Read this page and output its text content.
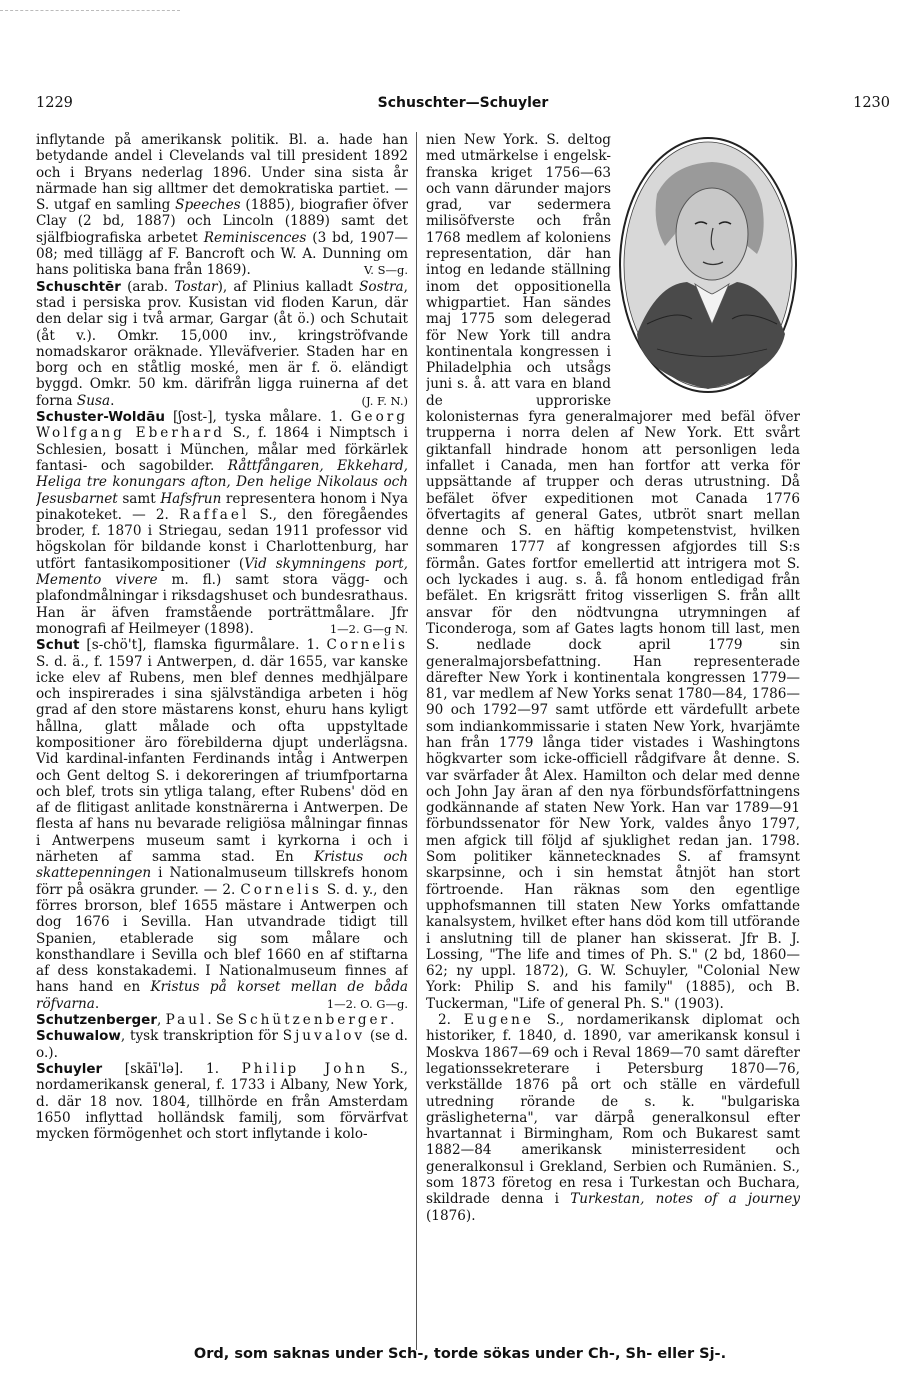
1229	Schuschter—Schuyler	1230

inflytande på amerikansk politik. Bl. a. hade han betydande andel i Clevelands val till president 1892 och i Bryans nederlag 1896. Under sina sista år närmade han sig alltmer det demokratiska partiet. — S. utgaf en samling Speeches (1885), biografier öfver Clay (2 bd, 1887) och Lincoln (1889) samt det själfbiografiska arbetet Reminiscences (3 bd, 1907—08; med tillägg af F. Bancroft och W. A. Dunning om hans politiska bana från 1869).	V. S—g.

Schuschtēr (arab. Tostar), af Plinius kalladt Sostra, stad i persiska prov. Kusistan vid floden Karun, där den delar sig i två armar, Gargar (åt ö.) och Schutait (åt v.). Omkr. 15,000 inv., kringströfvande nomadskaror oräknade. Ylleväfverier. Staden har en borg och en ståtlig moské, men är f. ö. eländigt byggd. Omkr. 50 km. därifrån ligga ruinerna af det forna Susa.	(J. F. N.)

Schuster-Woldāu [ʃost-], tyska målare. 1. Georg Wolfgang Eberhard S., f. 1864 i Nimptsch i Schlesien, bosatt i München, målar med förkärlek fantasi- och sagobilder. Råttfångaren, Ekkehard, Heliga tre konungars afton, Den helige Nikolaus och Jesusbarnet samt Hafsfrun representera honom i Nya pinakoteket. — 2. Raffael S., den föregåendes broder, f. 1870 i Striegau, sedan 1911 professor vid högskolan för bildande konst i Charlottenburg, har utfört fantasikompositioner (Vid skymningens port, Memento vivere m. fl.) samt stora vägg- och plafondmålningar i riksdagshuset och bundesrathaus. Han är äfven framstående porträttmålare. Jfr monografi af Heilmeyer (1898).	1—2. G—g N.

Schut [s-chö't], flamska figurmålare. 1. Cornelis S. d. ä., f. 1597 i Antwerpen, d. där 1655, var kanske icke elev af Rubens, men blef dennes medhjälpare och inspirerades i sina självständiga arbeten i hög grad af den store mästarens konst, ehuru hans kyligt hållna, glatt målade och ofta uppstyltade kompositioner äro förebilderna djupt underlägsna. Vid kardinal-infanten Ferdinands intåg i Antwerpen och Gent deltog S. i dekoreringen af triumfportarna och blef, trots sin ytliga talang, efter Rubens' död en af de flitigast anlitade konstnärerna i Antwerpen. De flesta af hans nu bevarade religiösa målningar finnas i Antwerpens museum samt i kyrkorna i och i närheten af samma stad. En Kristus och skattepenningen i Nationalmuseum tillskrefs honom förr på osäkra grunder. — 2. Cornelis S. d. y., den förres brorson, blef 1655 mästare i Antwerpen och dog 1676 i Sevilla. Han utvandrade tidigt till Spanien, etablerade sig som målare och konsthandlare i Sevilla och blef 1660 en af stiftarna af dess konstakademi. I Nationalmuseum finnes af hans hand en Kristus på korset mellan de båda röfvarna.	1—2. O. G—g.

Schutzenberger, Paul. Se Schützenberger.

Schuwalow, tysk transkription för Sjuvalov (se d. o.).

Schuyler [skāī'lə]. 1. Philip John S., nordamerikansk general, f. 1733 i Albany, New York, d. där 18 nov. 1804, tillhörde en från Amsterdam 1650 inflyttad holländsk familj, som förvärfvat mycken förmögenhet och stort inflytande i kolo-

nien New York. S. deltog med utmärkelse i engelsk-franska kriget 1756—63 och vann därunder majors grad, var sedermera milisöfverste och från 1768 medlem af koloniens representation, där han intog en ledande ställning inom det oppositionella whigpartiet. Han sändes maj 1775 som delegerad för New York till andra kontinentala kongressen i Philadelphia och utsågs juni s. å. att vara en bland de upproriske kolonisternas fyra generalmajorer med befäl öfver trupperna i norra delen af New York. Ett svårt giktanfall hindrade honom att personligen leda infallet i Canada, men han fortfor att verka för uppsättande af trupper och deras utrustning. Då befälet öfver expeditionen mot Canada 1776 öfvertagits af general Gates, utbröt snart mellan denne och S. en häftig kompetenstvist, hvilken sommaren 1777 af kongressen afgjordes till S:s förmån. Gates fortfor emellertid att intrigera mot S. och lyckades i aug. s. å. få honom entledigad från befälet. En krigsrätt fritog visserligen S. från allt ansvar för den nödtvungna utrymningen af Ticonderoga, som af Gates lagts honom till last, men S. nedlade dock april 1779 sin generalmajorsbefattning. Han representerade därefter New York i kontinentala kongressen 1779—81, var medlem af New Yorks senat 1780—84, 1786—90 och 1792—97 samt utförde ett värdefullt arbete som indiankommissarie i staten New York, hvarjämte han från 1779 långa tider vistades i Washingtons högkvarter som icke-officiell rådgifvare åt denne. S. var svärfader åt Alex. Hamilton och delar med denne och John Jay äran af den nya förbundsförfattningens godkännande af staten New York. Han var 1789—91 förbundssenator för New York, valdes ånyo 1797, men afgick till följd af sjuklighet redan jan. 1798. Som politiker kännetecknades S. af framsynt skarpsinne, och i sin hemstat åtnjöt han stort förtroende. Han räknas som den egentlige upphofsmannen till staten New Yorks omfattande kanalsystem, hvilket efter hans död kom till utförande i anslutning till de planer han skisserat. Jfr B. J. Lossing, "The life and times of Ph. S." (2 bd, 1860—62; ny uppl. 1872), G. W. Schuyler, "Colonial New York: Philip S. and his family" (1885), och B. Tuckerman, "Life of general Ph. S." (1903).

2. Eugene S., nordamerikansk diplomat och historiker, f. 1840, d. 1890, var amerikansk konsul i Moskva 1867—69 och i Reval 1869—70 samt därefter legationssekreterare i Petersburg 1870—76, verkställde 1876 på ort och ställe en värdefull utredning rörande de s. k. "bulgariska gräsligheterna", var därpå generalkonsul efter hvartannat i Birmingham, Rom och Bukarest samt 1882—84 amerikansk ministerresident och generalkonsul i Grekland, Serbien och Rumänien. S., som 1873 företog en resa i Turkestan och Buchara, skildrade denna i Turkestan, notes of a journey (1876).

Ord, som saknas under Sch-, torde sökas under Ch-, Sh- eller Sj-.
